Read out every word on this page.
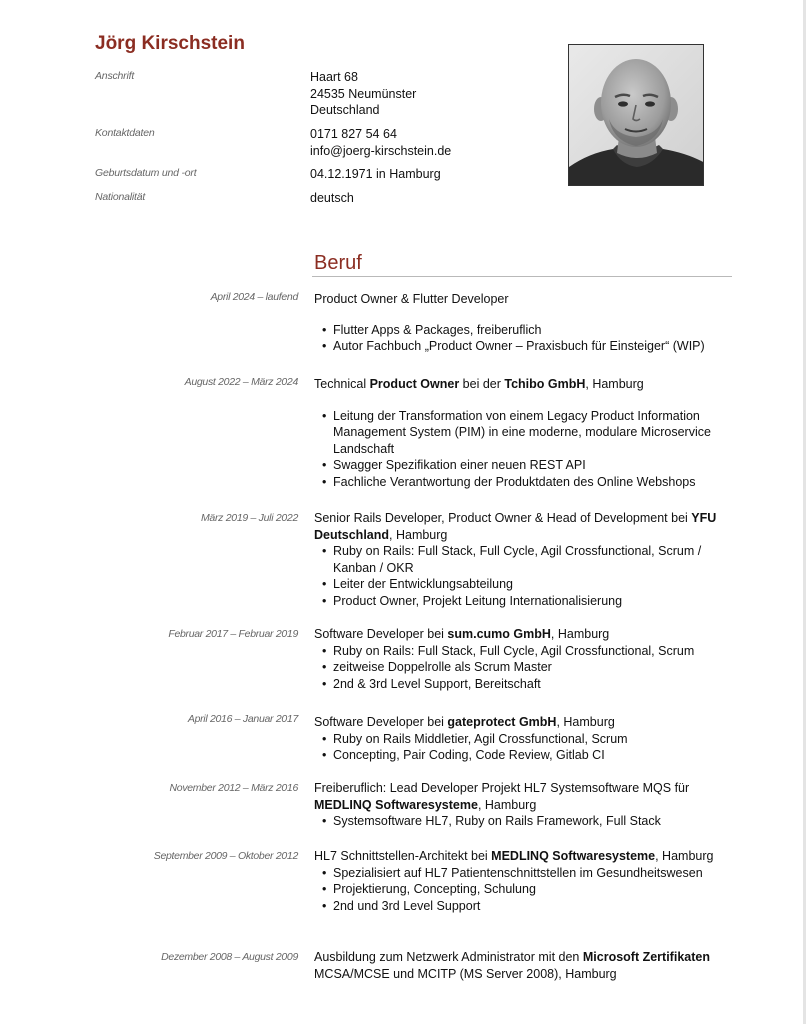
Jörg Kirschstein
Anschrift	Haart 68
24535 Neumünster
Deutschland
Kontaktdaten	0171 827 54 64
info@joerg-kirschstein.de
Geburtsdatum und -ort	04.12.1971 in Hamburg
Nationalität	deutsch
Beruf
April 2024 – laufend Product Owner & Flutter Developer
• Flutter Apps & Packages, freiberuflich
• Autor Fachbuch „Product Owner – Praxisbuch für Einsteiger“ (WIP)
August 2022 – März 2024 Technical Product Owner bei der Tchibo GmbH, Hamburg
• Leitung der Transformation von einem Legacy Product Information Management System (PIM) in eine moderne, modulare Microservice Landschaft
• Swagger Spezifikation einer neuen REST API
• Fachliche Verantwortung der Produktdaten des Online Webshops
März 2019 – Juli 2022 Senior Rails Developer, Product Owner & Head of Development bei YFU Deutschland, Hamburg
• Ruby on Rails: Full Stack, Full Cycle, Agil Crossfunctional, Scrum / Kanban / OKR
• Leiter der Entwicklungsabteilung
• Product Owner, Projekt Leitung Internationalisierung
Februar 2017 – Februar 2019 Software Developer bei sum.cumo GmbH, Hamburg
• Ruby on Rails: Full Stack, Full Cycle, Agil Crossfunctional, Scrum
• zeitweise Doppelrolle als Scrum Master
• 2nd & 3rd Level Support, Bereitschaft
April 2016 – Januar 2017 Software Developer bei gateprotect GmbH, Hamburg
• Ruby on Rails Middletier, Agil Crossfunctional, Scrum
• Concepting, Pair Coding, Code Review, Gitlab CI
November 2012 – März 2016 Freiberuflich: Lead Developer Projekt HL7 Systemsoftware MQS für MEDLINQ Softwaresysteme, Hamburg
• Systemsoftware HL7, Ruby on Rails Framework, Full Stack
September 2009 – Oktober 2012 HL7 Schnittstellen-Architekt bei MEDLINQ Softwaresysteme, Hamburg
• Spezialisiert auf HL7 Patientenschnittstellen im Gesundheitswesen
• Projektierung, Concepting, Schulung
• 2nd und 3rd Level Support
Dezember 2008 – August 2009 Ausbildung zum Netzwerk Administrator mit den Microsoft Zertifikaten MCSA/MCSE und MCITP (MS Server 2008), Hamburg
